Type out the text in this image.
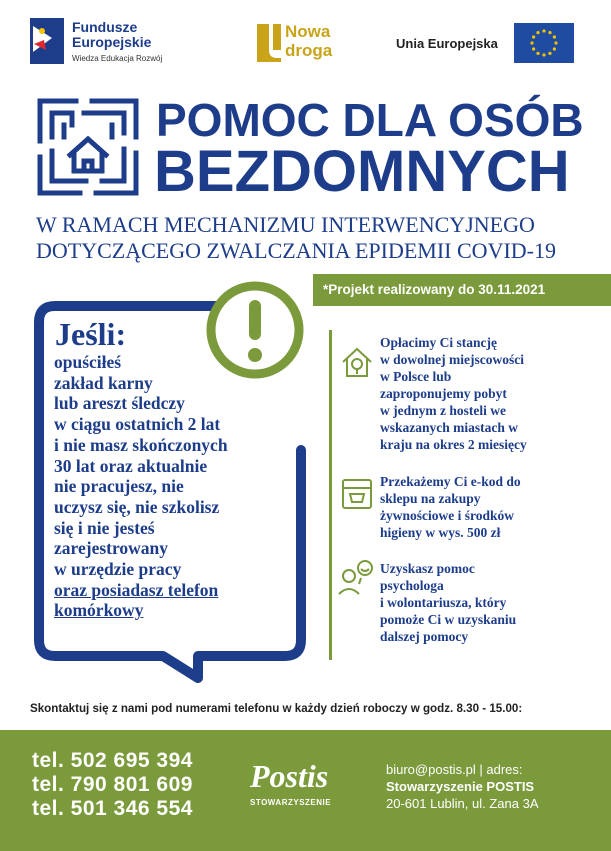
Fundusze
Europejskie
Wiedza Edukacja Rozwój
Nowa
droga	Unia Europejska
POMOC DLA OSÓB
BEZDOMNYCH
W RAMACH MECHANIZMU INTERWENCYJNEGO
DOTYCZĄCEGO ZWALCZANIA EPIDEMII COVID-19
*Projekt realizowany do 30.11.2021
Jeśli:
opuściłeś
zakład karny
lub areszt śledczy
w ciągu ostatnich 2 lat
i nie masz skończonych
30 lat oraz aktualnie
nie pracujesz, nie
uczysz się, nie szkolisz
się i nie jesteś
zarejestrowany
w urzędzie pracy
oraz posiadasz telefon
komórkowy
Opłacimy Ci stancję
w dowolnej miejscowości
w Polsce lub
zaproponujemy pobyt
w jednym z hosteli we
wskazanych miastach w
kraju na okres 2 miesięcy
Przekażemy Ci e-kod do
sklepu na zakupy
żywnościowe i środków
higieny w wys. 500 zł
Uzyskasz pomoc
psychologa
i wolontariusza, który
pomoże Ci w uzyskaniu
dalszej pomocy
Skontaktuj się z nami pod numerami telefonu w każdy dzień roboczy w godz. 8.30 - 15.00:
tel. 502 695 394
tel. 790 801 609
tel. 501 346 554
Postis
STOWARZYSZENIE
biuro@postis.pl | adres:
Stowarzyszenie POSTIS
20-601 Lublin, ul. Zana 3A
